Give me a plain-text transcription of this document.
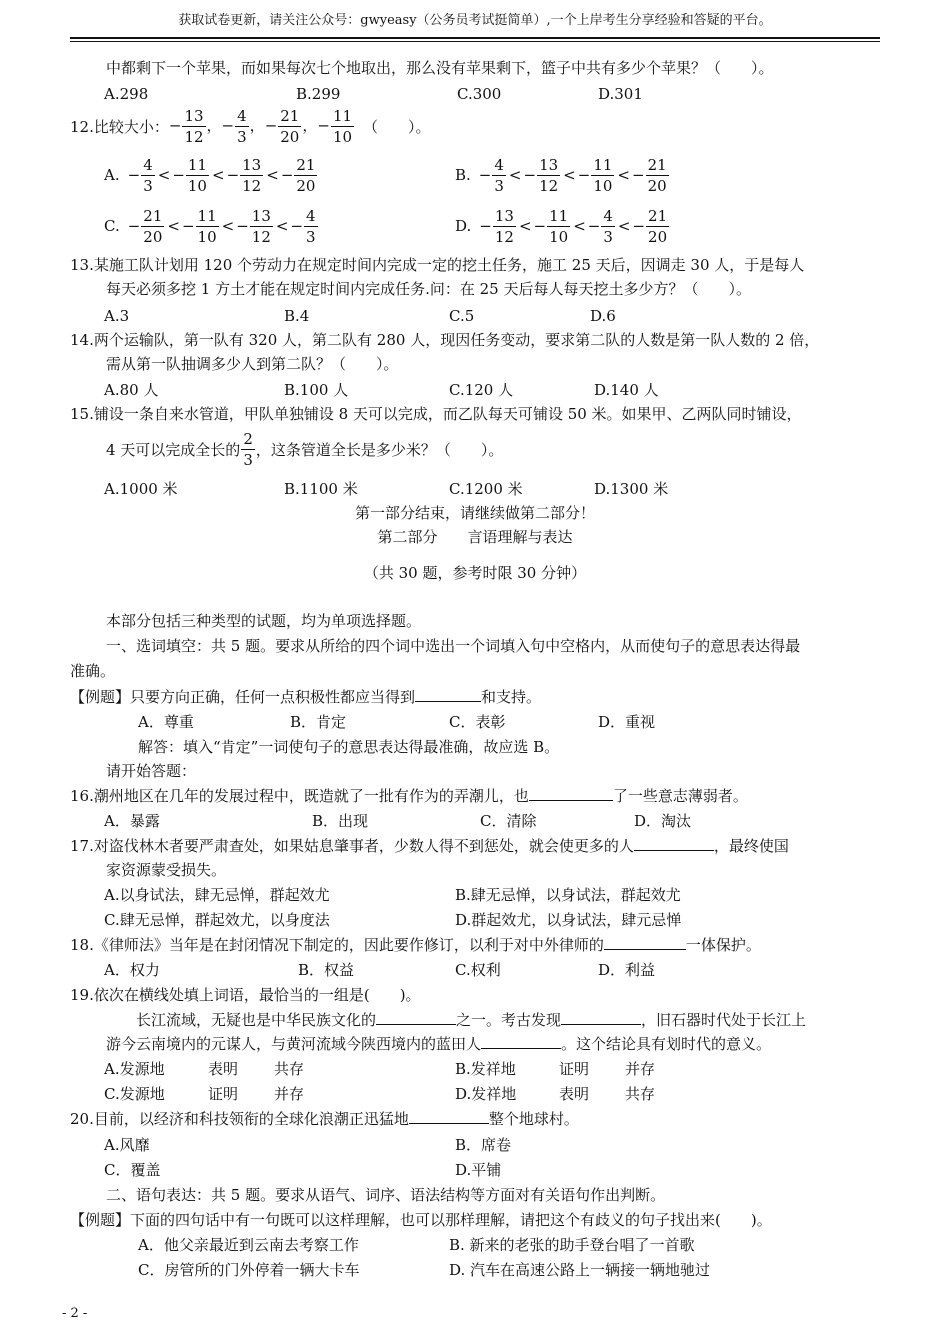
获取试卷更新，请关注公众号：gwyeasy（公务员考试挺简单）,一个上岸考生分享经验和答疑的平台。
中都剩下一个苹果，而如果每次七个地取出，那么没有苹果剩下，篮子中共有多少个苹果？（　　）。
A.298	B.299	C.300	D.301
12.比较大小： − $\frac{13}{12}$ ，− $\frac{4}{3}$ ，− $\frac{21}{20}$ ，− $\frac{11}{10}$ （　　）。
A. − $\frac{4}{3}$ < − $\frac{11}{10}$ < − $\frac{13}{12}$ < − $\frac{21}{20}$	B. − $\frac{4}{3}$ < − $\frac{13}{12}$ < − $\frac{11}{10}$ < − $\frac{21}{20}$
C. − $\frac{21}{20}$ < − $\frac{11}{10}$ < − $\frac{13}{12}$ < − $\frac{4}{3}$	D. − $\frac{13}{12}$ < − $\frac{11}{10}$ < − $\frac{4}{3}$ < − $\frac{21}{20}$
13.某施工队计划用 120 个劳动力在规定时间内完成一定的挖土任务，施工 25 天后，因调走 30 人，于是每人
每天必须多挖 1 方土才能在规定时间内完成任务.问：在 25 天后每人每天挖土多少方？（　　）。
A.3	B.4	C.5	D.6
14.两个运输队，第一队有 320 人，第二队有 280 人，现因任务变动，要求第二队的人数是第一队人数的 2 倍，
需从第一队抽调多少人到第二队？（　　）。
A.80 人	B.100 人	C.120 人	D.140 人
15.铺设一条自来水管道，甲队单独铺设 8 天可以完成，而乙队每天可铺设 50 米。如果甲、乙两队同时铺设，
4 天可以完成全长的 $\frac{2}{3}$ ，这条管道全长是多少米？（　　）。
A.1000 米	B.1100 米	C.1200 米	D.1300 米
第一部分结束，请继续做第二部分！
第二部分　　言语理解与表达
（共 30 题，参考时限 30 分钟）
本部分包括三种类型的试题，均为单项选择题。
一、选词填空：共 5 题。要求从所给的四个词中选出一个词填入句中空格内，从而使句子的意思表达得最
准确。
【例题】只要方向正确，任何一点积极性都应当得到	和支持。
A．尊重	B．肯定	C．表彰	D．重视
解答：填入“肯定”一词使句子的意思表达得最准确，故应选 B。
请开始答题：
16.潮州地区在几年的发展过程中，既造就了一批有作为的弄潮儿，也	了一些意志薄弱者。
A．暴露	B．出现	C．清除	D．淘汰
17.对盗伐林木者要严肃查处，如果姑息肇事者，少数人得不到惩处，就会使更多的人	，最终使国
家资源蒙受损失。
A.以身试法，肆无忌惮，群起效尤	B.肆无忌惮，以身试法，群起效尤
C.肆无忌惮，群起效尤，以身度法	D.群起效尤，以身试法，肆元忌惮
18.《律师法》当年是在封闭情况下制定的，因此要作修订，以利于对中外律师的	一体保护。
A．权力	B．权益	C.权利	D．利益
19.依次在横线处填上词语，最恰当的一组是(　　)。
长江流域，无疑也是中华民族文化的	之一。考古发现	，旧石器时代处于长江上
游今云南境内的元谋人，与黄河流域今陕西境内的蓝田人	。这个结论具有划时代的意义。
A.发源地	表明 共存	B.发祥地	证明 并存
C.发源地	证明 并存	D.发祥地	表明 共存
20.目前，以经济和科技领衔的全球化浪潮正迅猛地	整个地球村。
A.风靡	B．席卷
C．覆盖	D.平铺
二、语句表达：共 5 题。要求从语气、词序、语法结构等方面对有关语句作出判断。
【例题】下面的四句话中有一句既可以这样理解，也可以那样理解，请把这个有歧义的句子找出来(　　)。
A．他父亲最近到云南去考察工作	B. 新来的老张的助手登台唱了一首歌
C．房管所的门外停着一辆大卡车	D. 汽车在高速公路上一辆接一辆地驰过
- 2 -
